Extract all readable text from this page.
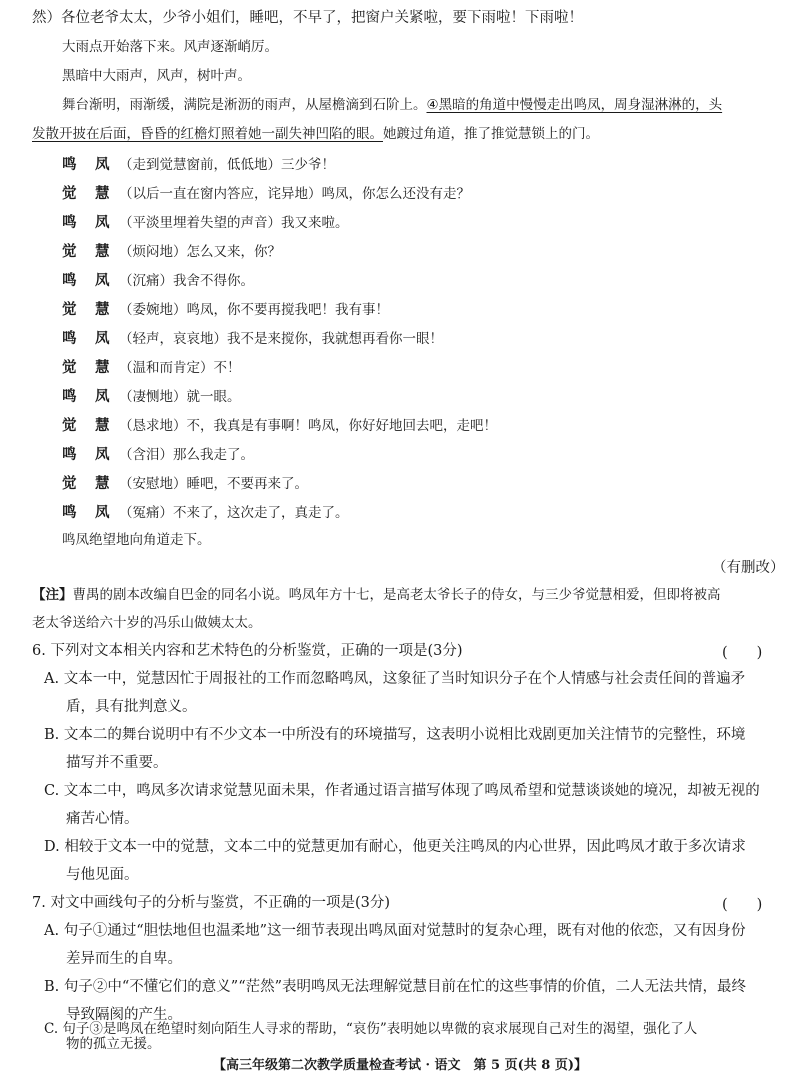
然）各位老爷太太，少爷小姐们，睡吧，不早了，把窗户关紧啦，要下雨啦！下雨啦！
大雨点开始落下来。风声逐渐峭厉。
黑暗中大雨声，风声，树叶声。
舞台渐明，雨渐缓，满院是淅沥的雨声，从屋檐滴到石阶上。④黑暗的角道中慢慢走出鸣凤，周身湿淋淋的，头
发散开披在后面，昏昏的红檐灯照着她一副失神凹陷的眼。她踱过角道，推了推觉慧锁上的门。
鸣　凤 （走到觉慧窗前，低低地）三少爷！
觉　慧 （以后一直在窗内答应，诧异地）鸣凤，你怎么还没有走？
鸣　凤 （平淡里埋着失望的声音）我又来啦。
觉　慧 （烦闷地）怎么又来，你？
鸣　凤 （沉痛）我舍不得你。
觉　慧 （委婉地）鸣凤，你不要再搅我吧！我有事！
鸣　凤 （轻声，哀哀地）我不是来搅你，我就想再看你一眼！
觉　慧 （温和而肯定）不！
鸣　凤 （凄恻地）就一眼。
觉　慧 （恳求地）不，我真是有事啊！鸣凤，你好好地回去吧，走吧！
鸣　凤 （含泪）那么我走了。
觉　慧 （安慰地）睡吧，不要再来了。
鸣　凤 （冤痛）不来了，这次走了，真走了。
鸣凤绝望地向角道走下。
（有删改）
【注】曹禺的剧本改编自巴金的同名小说。鸣凤年方十七，是高老太爷长子的侍女，与三少爷觉慧相爱，但即将被高
老太爷送给六十岁的冯乐山做姨太太。
6. 下列对文本相关内容和艺术特色的分析鉴赏，正确的一项是(3分)	(　　)
A. 文本一中，觉慧因忙于周报社的工作而忽略鸣凤，这象征了当时知识分子在个人情感与社会责任间的普遍矛
盾，具有批判意义。
B. 文本二的舞台说明中有不少文本一中所没有的环境描写，这表明小说相比戏剧更加关注情节的完整性，环境
描写并不重要。
C. 文本二中，鸣凤多次请求觉慧见面未果，作者通过语言描写体现了鸣凤希望和觉慧谈谈她的境况，却被无视的
痛苦心情。
D. 相较于文本一中的觉慧，文本二中的觉慧更加有耐心，他更关注鸣凤的内心世界，因此鸣凤才敢于多次请求
与他见面。
7. 对文中画线句子的分析与鉴赏，不正确的一项是(3分)	(　　)
A. 句子①通过“胆怯地但也温柔地”这一细节表现出鸣凤面对觉慧时的复杂心理，既有对他的依恋，又有因身份
差异而生的自卑。
B. 句子②中“不懂它们的意义”“茫然”表明鸣凤无法理解觉慧目前在忙的这些事情的价值，二人无法共情，最终
导致隔阂的产生。
C. 句子③是鸣凤在绝望时刻向陌生人寻求的帮助，“哀伤”表明她以卑微的哀求展现自己对生的渴望，强化了人
物的孤立无援。
【高三年级第二次教学质量检查考试 · 语文　第 5 页(共 8 页)】
